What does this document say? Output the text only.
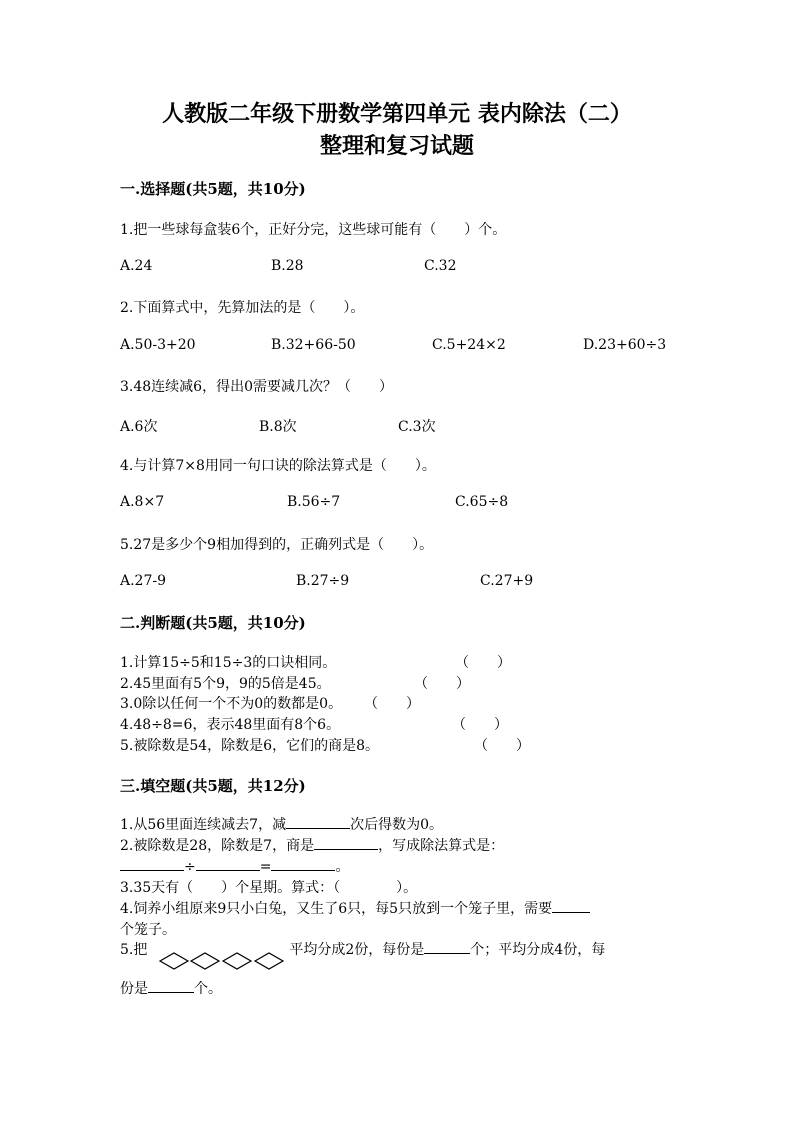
人教版二年级下册数学第四单元 表内除法（二）
整理和复习试题
一.选择题(共5题，共10分)
1.把一些球每盒装6个，正好分完，这些球可能有（　　）个。
A.24	B.28	C.32
2.下面算式中，先算加法的是（　　）。
A.50-3+20	B.32+66-50	C.5+24×2	D.23+60÷3
3.48连续减6，得出0需要减几次？（　　）
A.6次	B.8次	C.3次
4.与计算7×8用同一句口诀的除法算式是（　　）。
A.8×7	B.56÷7	C.65÷8
5.27是多少个9相加得到的，正确列式是（　　）。
A.27-9	B.27÷9	C.27+9
二.判断题(共5题，共10分)
1.计算15÷5和15÷3的口诀相同。	（　　）
2.45里面有5个9，9的5倍是45。	（　　）
3.0除以任何一个不为0的数都是0。 （　　）
4.48÷8=6，表示48里面有8个6。	（　　）
5.被除数是54，除数是6，它们的商是8。	（　　）
三.填空题(共5题，共12分)
1.从56里面连续减去7，减	次后得数为0。
2.被除数是28，除数是7，商是	，写成除法算式是：
÷	=	。
3.35天有（　　）个星期。算式：（　　　　）。
4.饲养小组原来9只小白兔，又生了6只，每5只放到一个笼子里，需要
个笼子。
5.把	平均分成2份，每份是	个；平均分成4份，每
份是	个。
